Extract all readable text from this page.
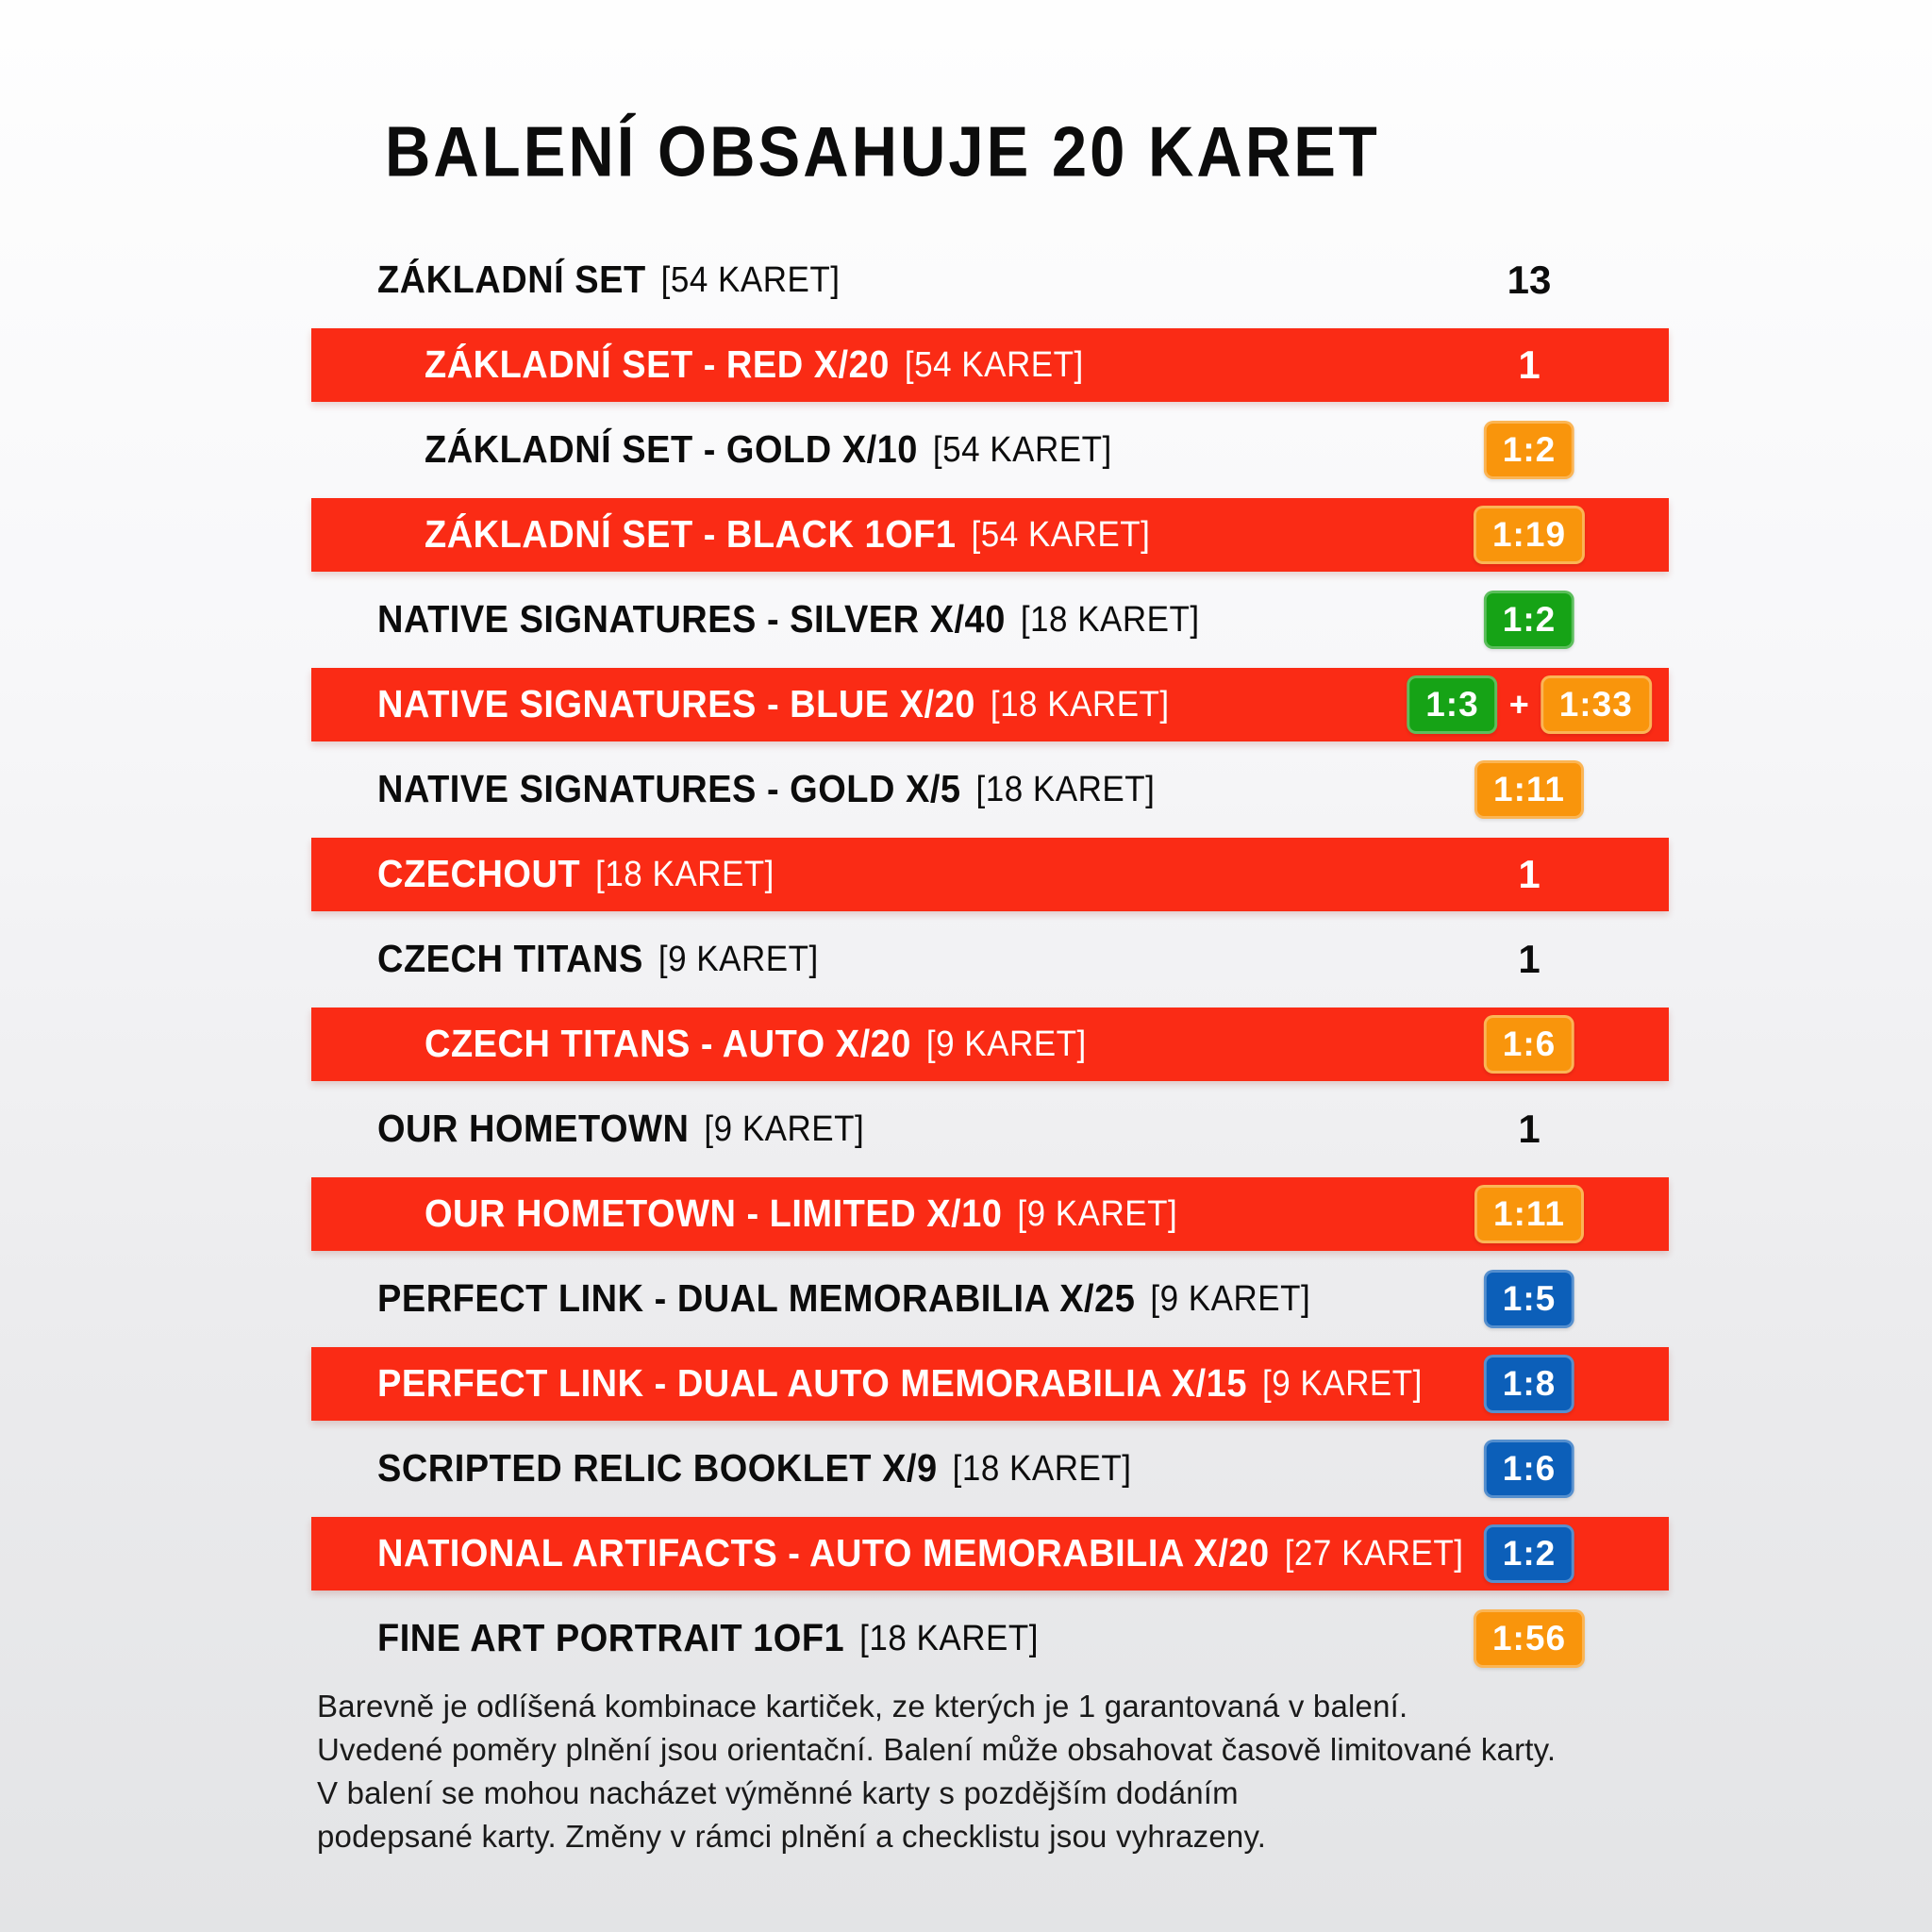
BALENÍ OBSAHUJE 20 KARET
ZÁKLADNÍ SET [54 KARET]	13
ZÁKLADNÍ SET - RED X/20 [54 KARET]	1
ZÁKLADNÍ SET - GOLD X/10 [54 KARET]	1:2
ZÁKLADNÍ SET - BLACK 1OF1 [54 KARET]	1:19
NATIVE SIGNATURES - SILVER X/40 [18 KARET]	1:2
NATIVE SIGNATURES - BLUE X/20 [18 KARET]	1:3 + 1:33
NATIVE SIGNATURES - GOLD X/5 [18 KARET]	1:11
CZECHOUT [18 KARET]	1
CZECH TITANS [9 KARET]	1
CZECH TITANS - AUTO X/20 [9 KARET]	1:6
OUR HOMETOWN [9 KARET]	1
OUR HOMETOWN - LIMITED X/10 [9 KARET]	1:11
PERFECT LINK - DUAL MEMORABILIA X/25 [9 KARET]	1:5
PERFECT LINK - DUAL AUTO MEMORABILIA X/15 [9 KARET]	1:8
SCRIPTED RELIC BOOKLET X/9 [18 KARET]	1:6
NATIONAL ARTIFACTS - AUTO MEMORABILIA X/20 [27 KARET]	1:2
FINE ART PORTRAIT 1OF1 [18 KARET]	1:56
Barevně je odlíšená kombinace kartiček, ze kterých je 1 garantovaná v balení.
Uvedené poměry plnění jsou orientační. Balení může obsahovat časově limitované karty.
V balení se mohou nacházet výměnné karty s pozdějším dodáním
podepsané karty. Změny v rámci plnění a checklistu jsou vyhrazeny.
